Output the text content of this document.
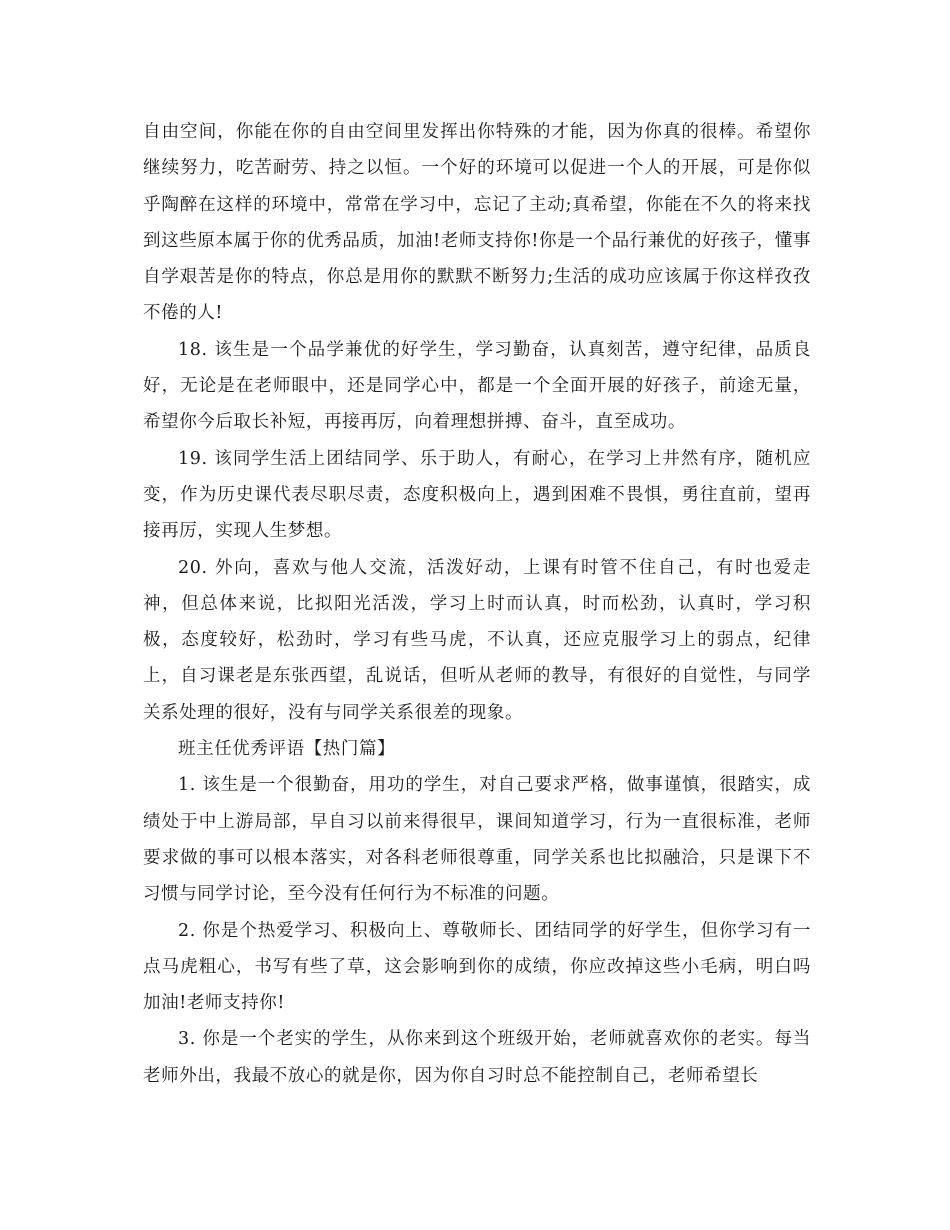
自由空间，你能在你的自由空间里发挥出你特殊的才能，因为你真的很棒。希望你继续努力，吃苦耐劳、持之以恒。一个好的环境可以促进一个人的开展，可是你似乎陶醉在这样的环境中，常常在学习中，忘记了主动;真希望，你能在不久的将来找到这些原本属于你的优秀品质，加油!老师支持你!你是一个品行兼优的好孩子，懂事自学艰苦是你的特点，你总是用你的默默不断努力;生活的成功应该属于你这样孜孜不倦的人!

18. 该生是一个品学兼优的好学生，学习勤奋，认真刻苦，遵守纪律，品质良好，无论是在老师眼中，还是同学心中，都是一个全面开展的好孩子，前途无量，希望你今后取长补短，再接再厉，向着理想拼搏、奋斗，直至成功。

19. 该同学生活上团结同学、乐于助人，有耐心，在学习上井然有序，随机应变，作为历史课代表尽职尽责，态度积极向上，遇到困难不畏惧，勇往直前，望再接再厉，实现人生梦想。

20. 外向，喜欢与他人交流，活泼好动，上课有时管不住自己，有时也爱走神，但总体来说，比拟阳光活泼，学习上时而认真，时而松劲，认真时，学习积极，态度较好，松劲时，学习有些马虎，不认真，还应克服学习上的弱点，纪律上，自习课老是东张西望，乱说话，但听从老师的教导，有很好的自觉性，与同学关系处理的很好，没有与同学关系很差的现象。

班主任优秀评语【热门篇】

1. 该生是一个很勤奋，用功的学生，对自己要求严格，做事谨慎，很踏实，成绩处于中上游局部，早自习以前来得很早，课间知道学习，行为一直很标准，老师要求做的事可以根本落实，对各科老师很尊重，同学关系也比拟融洽，只是课下不习惯与同学讨论，至今没有任何行为不标准的问题。

2. 你是个热爱学习、积极向上、尊敬师长、团结同学的好学生，但你学习有一点马虎粗心，书写有些了草，这会影响到你的成绩，你应改掉这些小毛病，明白吗加油!老师支持你!

3. 你是一个老实的学生，从你来到这个班级开始，老师就喜欢你的老实。每当老师外出，我最不放心的就是你，因为你自习时总不能控制自己，老师希望长
